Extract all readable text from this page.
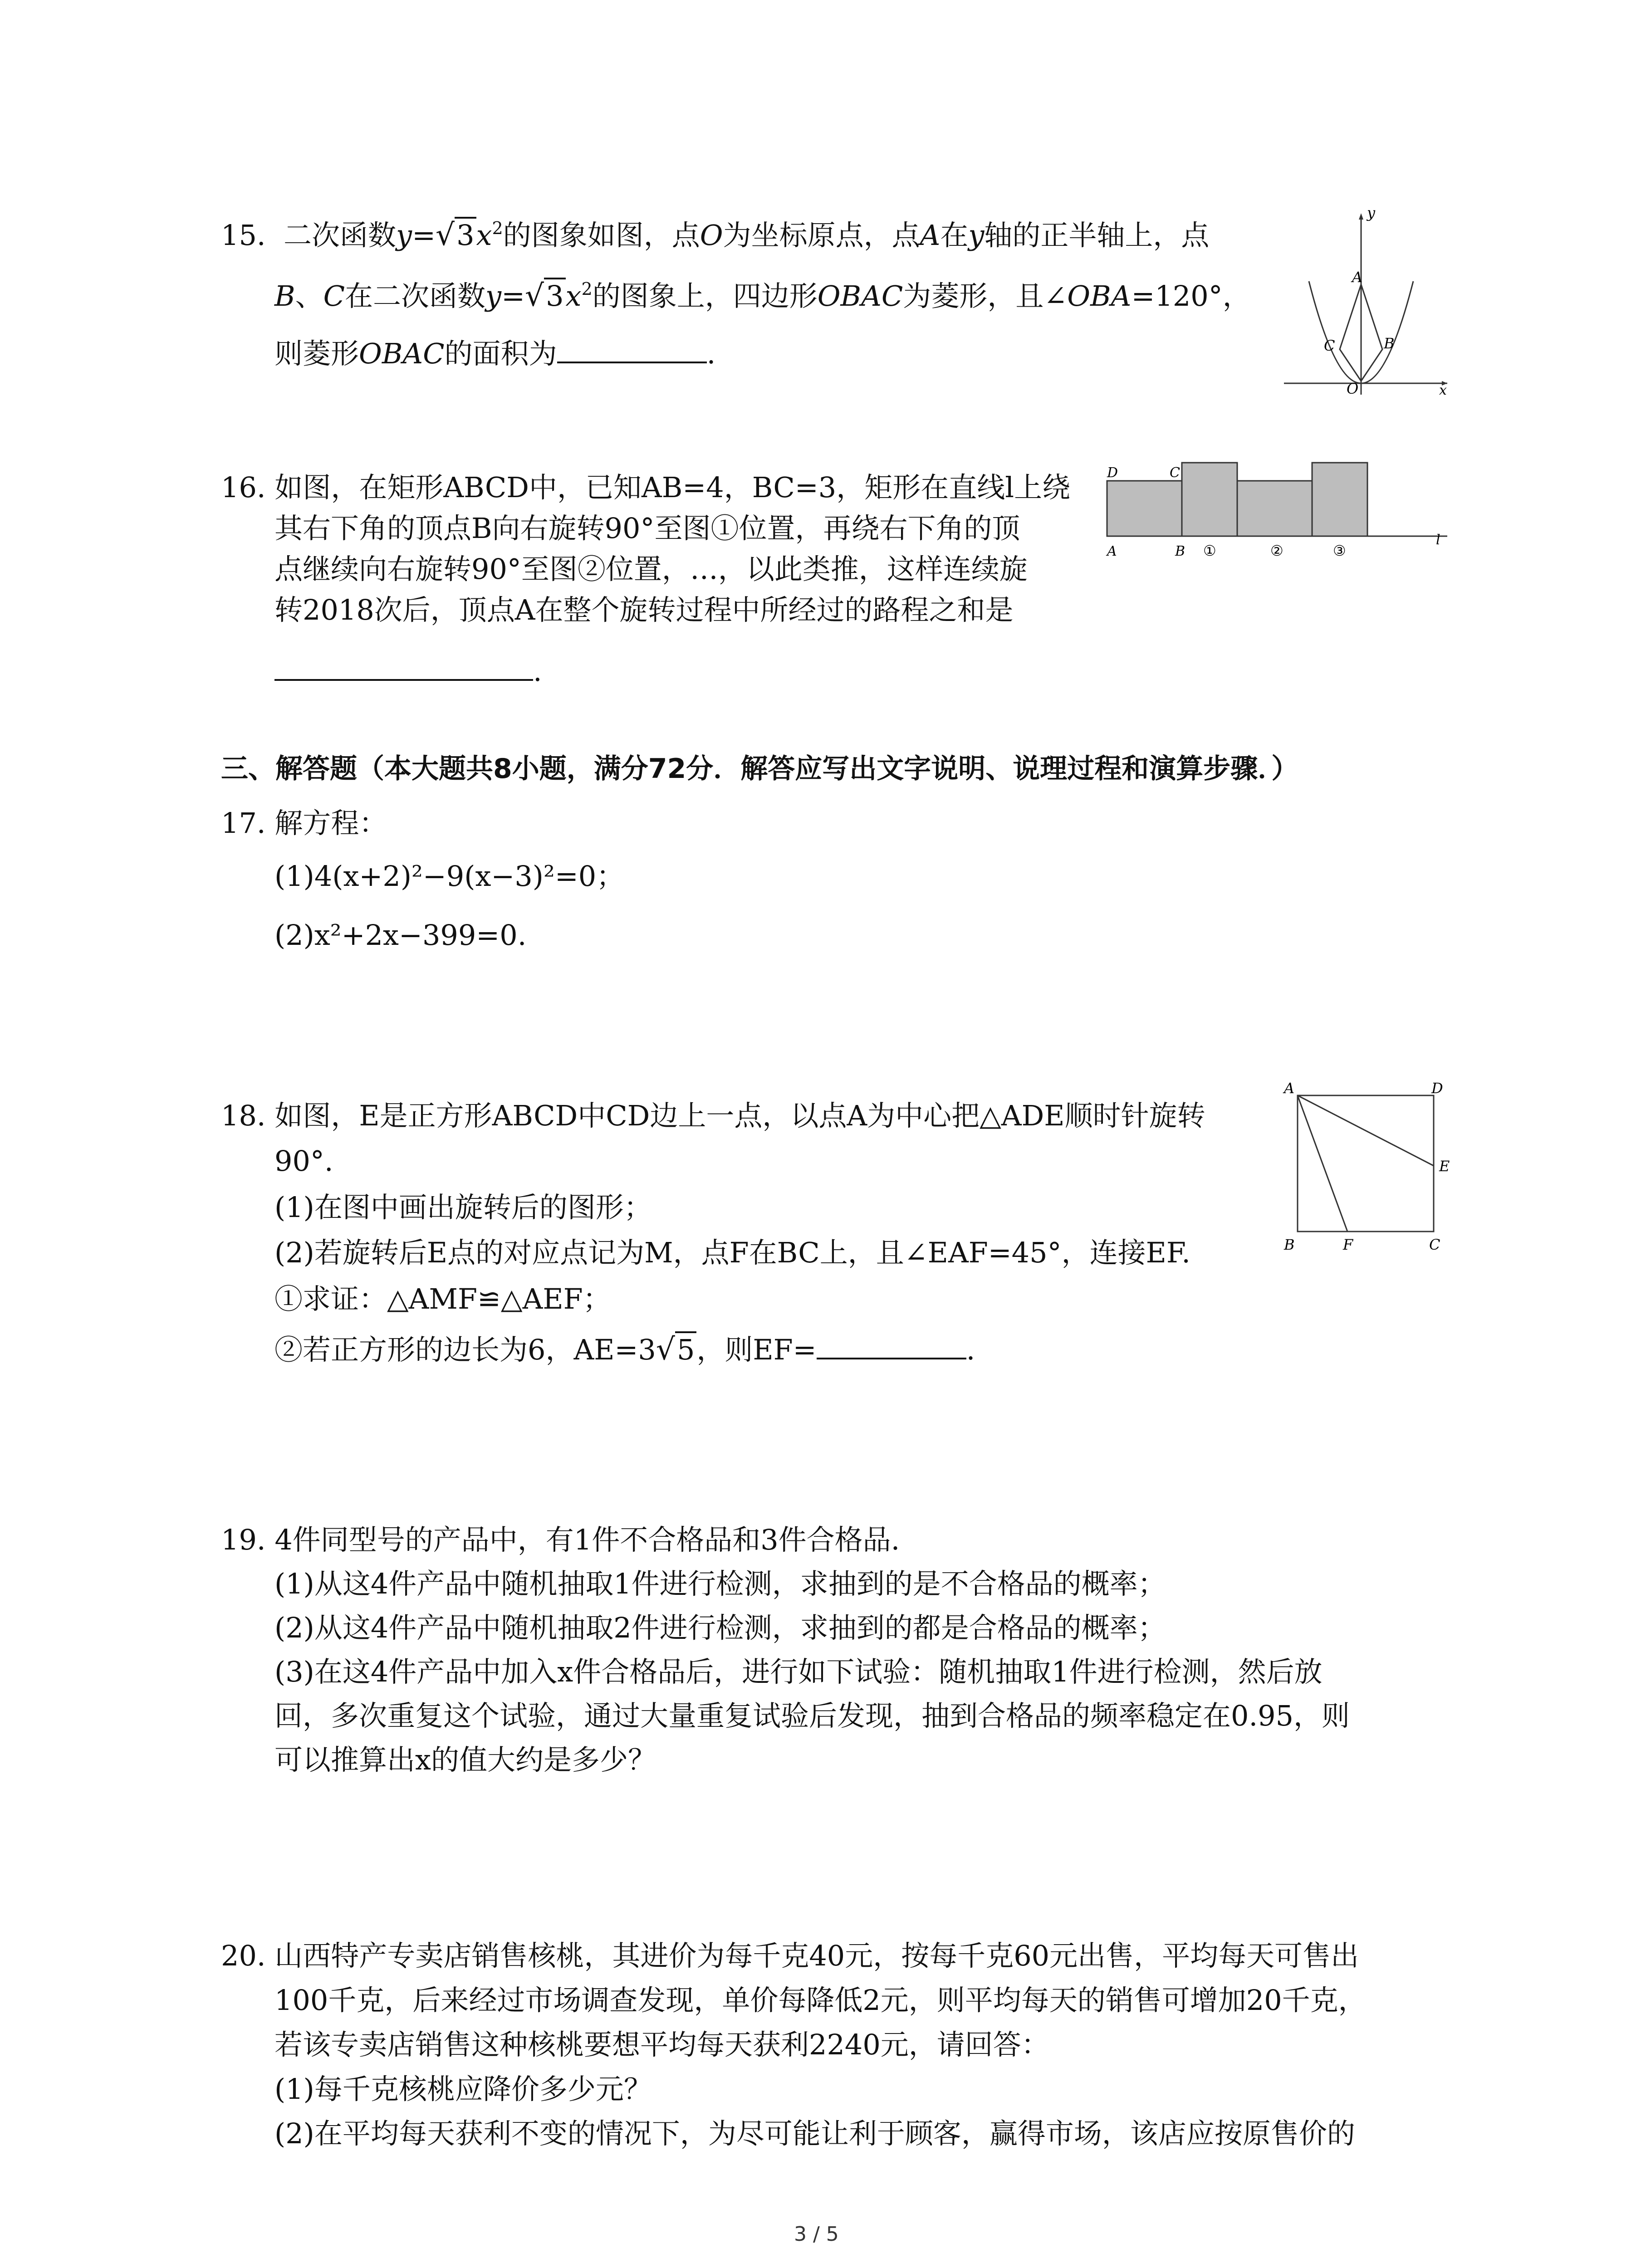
15. 二次函数$y=√3x^2$的图象如图，点O为坐标原点，点A在y轴的正半轴上，点
B、C在二次函数$y=√3x^2$的图象上，四边形OBAC为菱形，且∠OBA=120°，
则菱形OBAC的面积为	.
y
x
O
A
B
C
16. 如图，在矩形ABCD中，已知AB=4，BC=3，矩形在直线l上绕
其右下角的顶点B向右旋转90°至图①位置，再绕右下角的顶
点继续向右旋转90°至图②位置，…，以此类推，这样连续旋
转2018次后，顶点A在整个旋转过程中所经过的路程之和是
.
D	C
A	B ①	②	③
l
三、解答题（本大题共8小题，满分72分．解答应写出文字说明、说理过程和演算步骤．）
17. 解方程：
(1)4(x+2)²−9(x−3)²=0；
(2)x²+2x−399=0.
18. 如图，E是正方形ABCD中CD边上一点，以点A为中心把△ADE顺时针旋转
90°.
(1)在图中画出旋转后的图形；
(2)若旋转后E点的对应点记为M，点F在BC上，且∠EAF=45°，连接EF.
①求证：△AMF≌△AEF；
②若正方形的边长为6，AE=3√5，则EF=	.
A	D
E
B	F	C
19. 4件同型号的产品中，有1件不合格品和3件合格品.
(1)从这4件产品中随机抽取1件进行检测，求抽到的是不合格品的概率；
(2)从这4件产品中随机抽取2件进行检测，求抽到的都是合格品的概率；
(3)在这4件产品中加入x件合格品后，进行如下试验：随机抽取1件进行检测，然后放
回，多次重复这个试验，通过大量重复试验后发现，抽到合格品的频率稳定在0.95，则
可以推算出x的值大约是多少？
20. 山西特产专卖店销售核桃，其进价为每千克40元，按每千克60元出售，平均每天可售出
100千克，后来经过市场调查发现，单价每降低2元，则平均每天的销售可增加20千克，
若该专卖店销售这种核桃要想平均每天获利2240元，请回答：
(1)每千克核桃应降价多少元？
(2)在平均每天获利不变的情况下，为尽可能让利于顾客，赢得市场，该店应按原售价的
3 / 5
